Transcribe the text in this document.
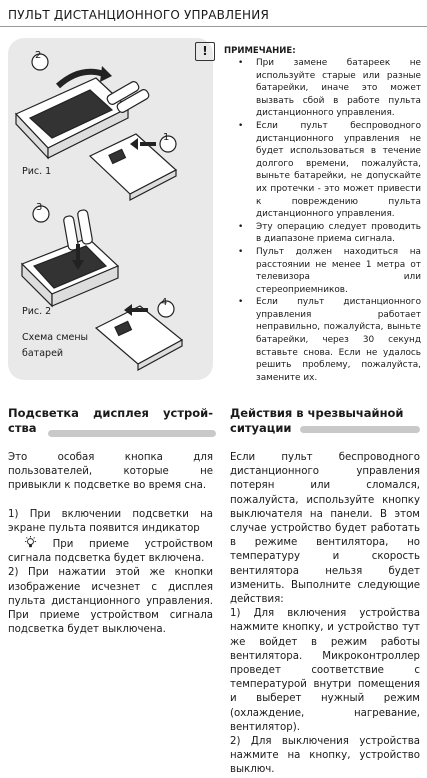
ПУЛЬТ ДИСТАНЦИОННОГО УПРАВЛЕНИЯ
2
1
3
4
Рис. 1
Рис. 2
Схема смены
батарей
!	ПРИМЕЧАНИЕ:
• При замене батареек не используйте старые или разные батарейки, иначе это может вызвать сбой в работе пульта дистанционного управления.
• Если пульт беспроводного дистанционного управления не будет использоваться в течение долгого времени, пожалуйста, выньте батарейки, не допускайте их протечки - это может привести к повреждению пульта дистанционного управления.
• Эту операцию следует проводить в диапазоне приема сигнала.
• Пульт должен находиться на расстоянии не менее 1 метра от телевизора или стереоприемников.
• Если пульт дистанционного управления работает неправильно, пожалуйста, выньте батарейки, через 30 секунд вставьте снова. Если не удалось решить проблему, пожалуйста, замените их.
Подсветка дисплея устрой-
ства

Это особая кнопка для пользователей, которые не привыкли к подсветке во время сна.

1) При включении подсветки на экране пульта появится индикатор
При приеме устройством сигнала подсветка будет включена.

2) При нажатии этой же кнопки изображение исчезнет с дисплея пульта дистанционного управления. При приеме устройством сигнала подсветка будет выключена.

Действия в чрезвычайной
ситуации

Если пульт беспроводного дистанционного управления потерян или сломался, пожалуйста, используйте кнопку выключателя на панели. В этом случае устройство будет работать в режиме вентилятора, но температуру и скорость вентилятора нельзя будет изменить. Выполните следующие действия:

1) Для включения устройства нажмите кнопку, и устройство тут же войдет в режим работы вентилятора. Микроконтроллер проведет соответствие с температурой внутри помещения и выберет нужный режим (охлаждение, нагревание, вентилятор).

2) Для выключения устройства нажмите на кнопку, устройство выключ.
